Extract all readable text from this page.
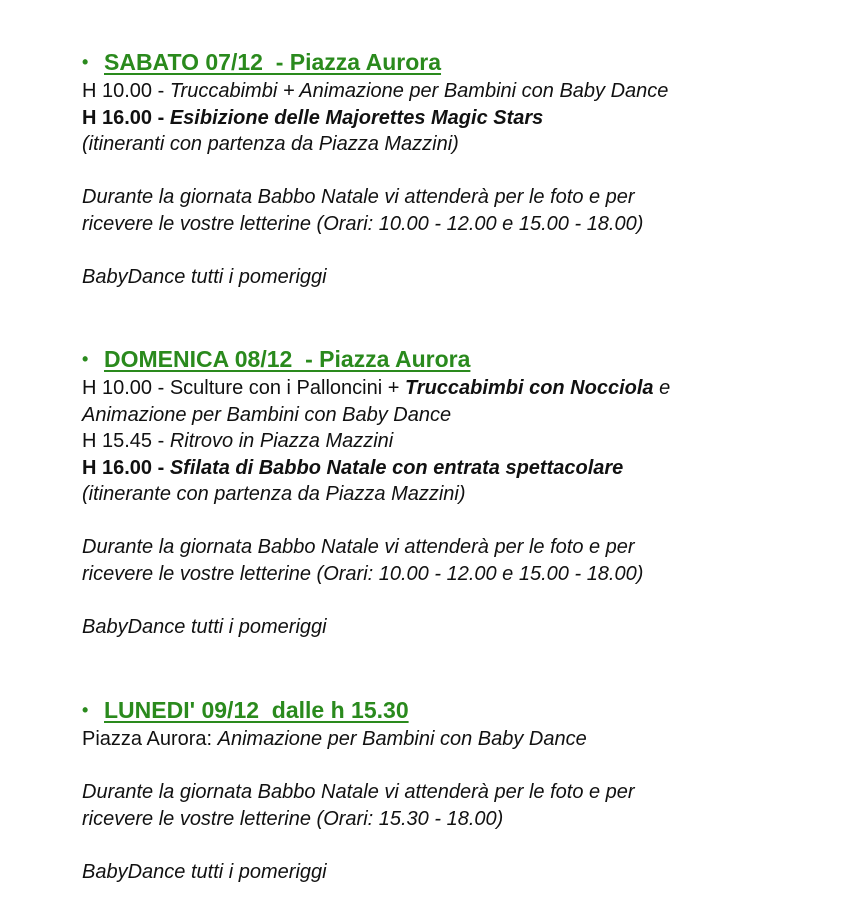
• SABATO 07/12  - Piazza Aurora
H 10.00 - Truccabimbi + Animazione per Bambini con Baby Dance
H 16.00 - Esibizione delle Majorettes Magic Stars
(itineranti con partenza da Piazza Mazzini)
Durante la giornata Babbo Natale vi attenderà per le foto e per
ricevere le vostre letterine (Orari: 10.00 - 12.00 e 15.00 - 18.00)
BabyDance tutti i pomeriggi
• DOMENICA 08/12  - Piazza Aurora
H 10.00 - Sculture con i Palloncini + Truccabimbi con Nocciola e
Animazione per Bambini con Baby Dance
H 15.45 - Ritrovo in Piazza Mazzini
H 16.00 - Sfilata di Babbo Natale con entrata spettacolare
(itinerante con partenza da Piazza Mazzini)
Durante la giornata Babbo Natale vi attenderà per le foto e per
ricevere le vostre letterine (Orari: 10.00 - 12.00 e 15.00 - 18.00)
BabyDance tutti i pomeriggi
• LUNEDI' 09/12  dalle h 15.30
Piazza Aurora: Animazione per Bambini con Baby Dance
Durante la giornata Babbo Natale vi attenderà per le foto e per
ricevere le vostre letterine (Orari: 15.30 - 18.00)
BabyDance tutti i pomeriggi
